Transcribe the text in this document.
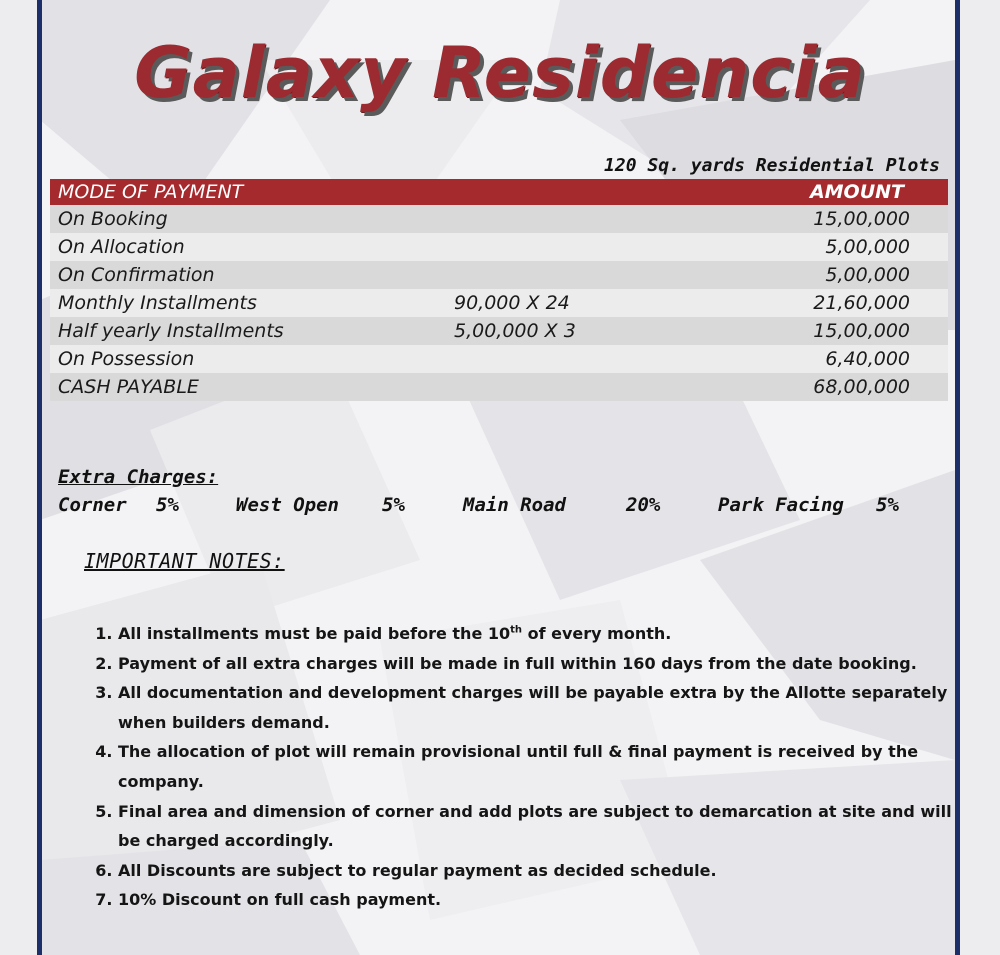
Galaxy Residencia
120 Sq. yards Residential Plots
MODE OF PAYMENT		AMOUNT
On Booking		15,00,000
On Allocation		5,00,000
On Confirmation		5,00,000
Monthly Installments	90,000 X 24	21,60,000
Half yearly Installments	5,00,000 X 3	15,00,000
On Possession		6,40,000
CASH PAYABLE		68,00,000
Extra Charges:
Corner 5%	West Open 5%	Main Road	20%	Park Facing 5%
IMPORTANT NOTES:
1. All installments must be paid before the 10th of every month.
2. Payment of all extra charges will be made in full within 160 days from the date booking.
3. All documentation and development charges will be payable extra by the Allotte separately when builders demand.
4. The allocation of plot will remain provisional until full & final payment is received by the company.
5. Final area and dimension of corner and add plots are subject to demarcation at site and will be charged accordingly.
6. All Discounts are subject to regular payment as decided schedule.
7. 10% Discount on full cash payment.
